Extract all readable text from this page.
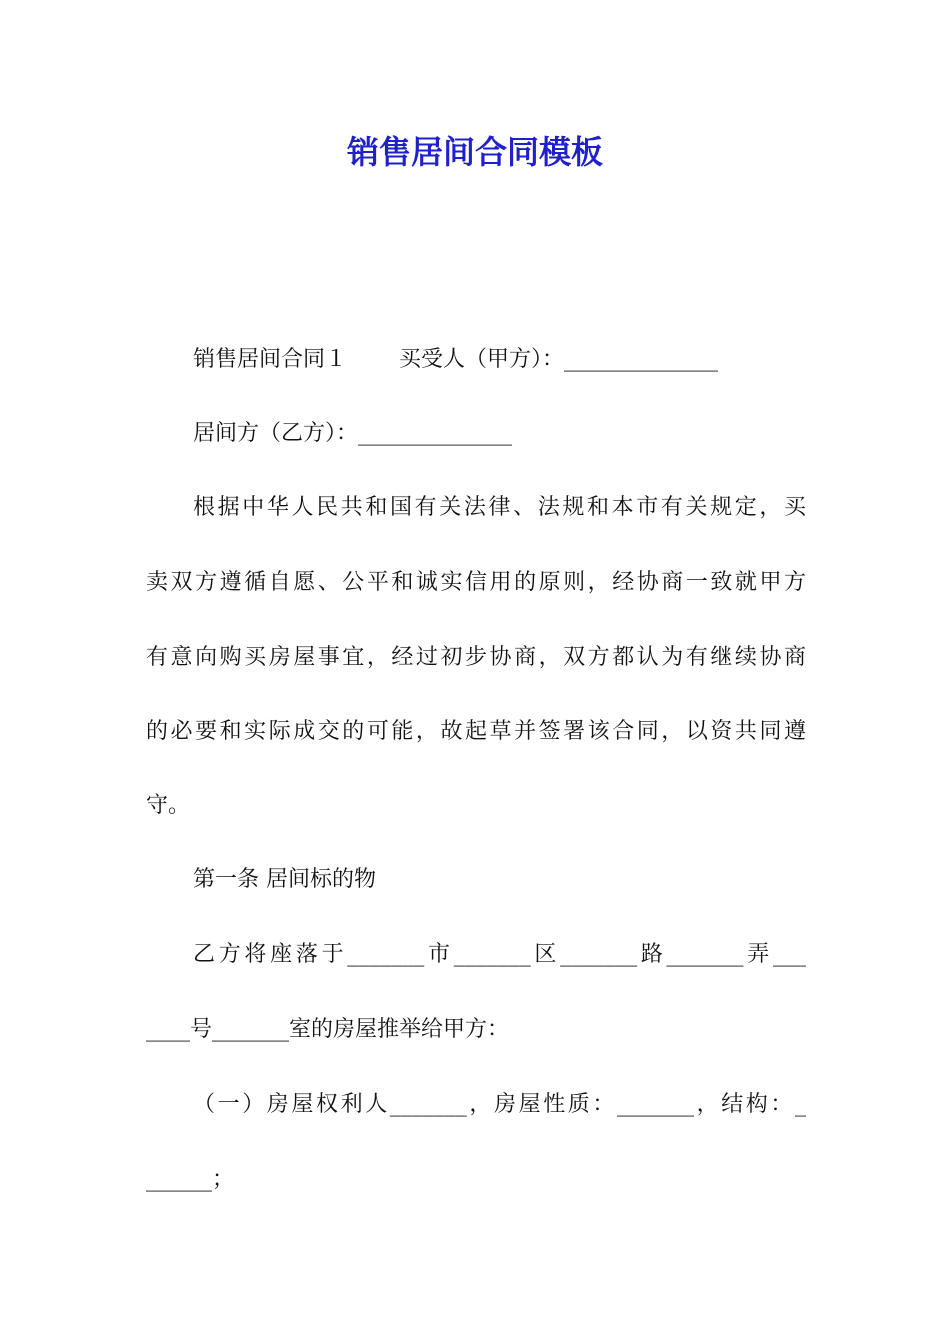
销售居间合同模板
销售居间合同１ 买受人（甲方）：______________
居间方（乙方）：______________
根据中华人民共和国有关法律、法规和本市有关规定，买
卖双方遵循自愿、公平和诚实信用的原则，经协商一致就甲方
有意向购买房屋事宜，经过初步协商，双方都认为有继续协商
的必要和实际成交的可能，故起草并签署该合同，以资共同遵
守。
第一条 居间标的物
乙方将座落于_______市_______区_______路_______弄___
____号_______室的房屋推举给甲方：
（一）房屋权利人_______，房屋性质：_______，结构：_
______；
